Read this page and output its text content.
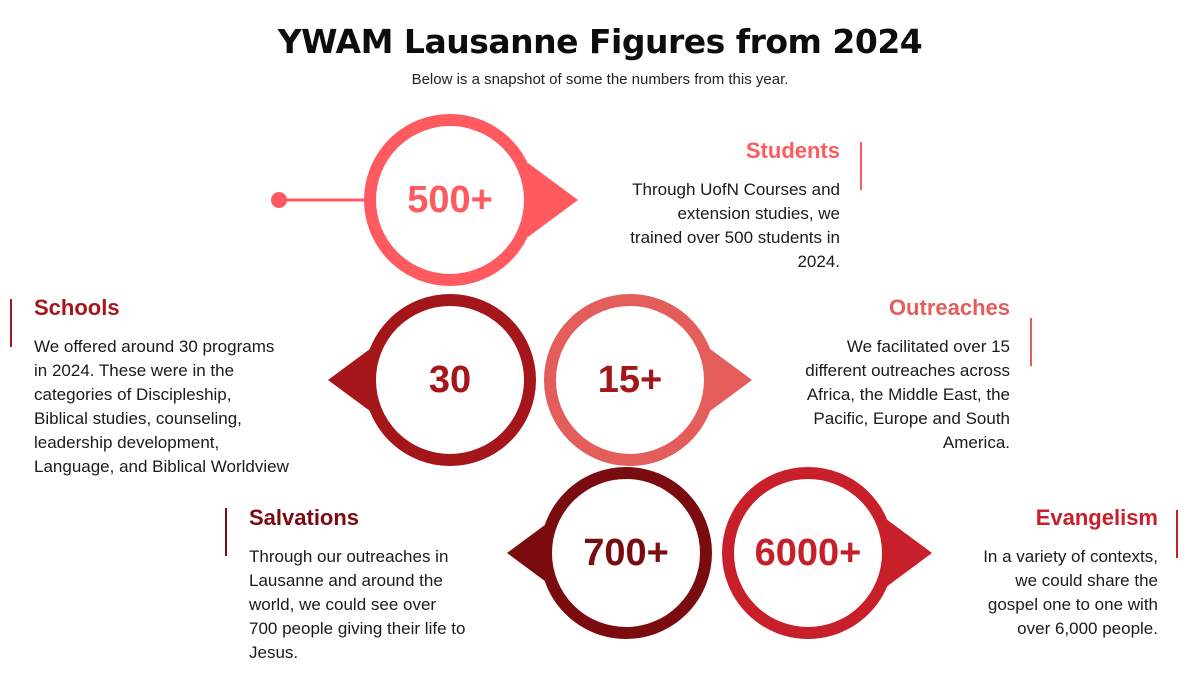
YWAM Lausanne Figures from 2024

Below is a snapshot of some the numbers from this year.

500+
30	15+
700+	6000+
Students

Through UofN Courses and
extension studies, we
trained over 500 students in
2024.

Schools

We offered around 30 programs
in 2024. These were in the
categories of Discipleship,
Biblical studies, counseling,
leadership development,
Language, and Biblical Worldview

Outreaches

We facilitated over 15
different outreaches across
Africa, the Middle East, the
Pacific, Europe and South
America.

Salvations

Through our outreaches in
Lausanne and around the
world, we could see over
700 people giving their life to
Jesus.

Evangelism

In a variety of contexts,
we could share the
gospel one to one with
over 6,000 people.
